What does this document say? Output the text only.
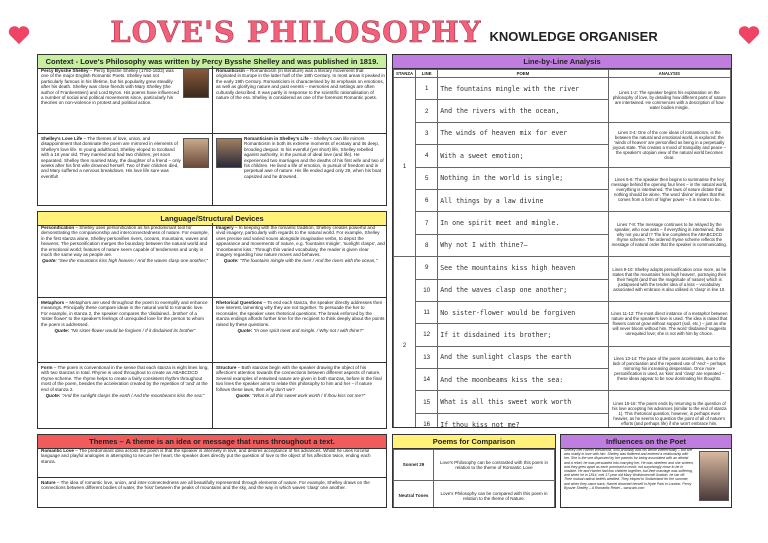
LOVE'S PHILOSOPHY KNOWLEDGE ORGANISER
Context - Love's Philosophy was written by Percy Bysshe Shelley and was published in 1819.
Percy Bysshe Shelley – Percy Bysshe Shelley (1792-1822) was one of the major English Romantic Poets. Shelley was not particularly famous in his lifetime, but his popularity grew steadily after his death. Shelley was close friends with Mary Shelley (the author of Frankenstein) and Lord Byron. His poems have influenced a number of social and political movements since, particularly his theories on non-violence in protest and political action.
Romanticism – Romanticism (in literature) was a literary movement that originated in Europe in the latter half of the 18th Century. In most areas it peaked in the early 19th Century. Romanticism is characterised by its emphasis on emotions, as well as glorifying nature and past events – memories and settings are often culturally described. It was partly in response to the scientific rationalisation of nature of the era. Shelley is considered as one of the foremost Romantic poets.
Shelley's Love Life – The themes of love, union, and disappointment that dominate the poem are mirrored in elements of Shelley's love life. In young adulthood, Shelley eloped to Scotland with a 16 year old. They married and had two children, yet soon separated. Shelley then married Mary, the daughter of a friend – only weeks after his first wife drowned herself. Two of their children died, and Mary suffered a nervous breakdown. His love life sure was eventful!
Romanticism in Shelley's Life – Shelley's own life mirrors Romanticism in both its extreme moments of ecstasy and its deep, brooding despair. In his eventful (yet short) life, Shelley rebelled against authority, in the pursuit of ideal love (and life). He experienced two marriages and the deaths of his first wife and two of his children. He lived a life of emotion, in pursuit of freedom and in perpetual awe of nature. His life ended aged only 29, when his boat capsized and he drowned.
Language/Structural Devices
Personification – Shelley uses personification as his predominant tool for demonstrating the companionship and interconnectedness of nature. For example, in the first stanza alone, Shelley personifies rivers, oceans, mountains, waves and heavens. The personification merges the boundary between the natural world and the emotional world; features of nature seem capable of tenderness and unity in much the same way as people are.
Quote: "See the mountains kiss high heaven / And the waves clasp one another;"
Imagery – In keeping with the romantic tradition, Shelley creates powerful and vivid imagery, particularly with regards to the natural world. For example, Shelley uses precise and varied nouns alongside imaginative verbs, to depict the appearance and movements of nature, e.g. 'fountains mingle', 'sunlight clasps', and 'moonbeams kiss.' Through this varied vocabulary, the reader is given clear imagery regarding how nature moves and behaves.
Quote: "The fountains mingle with the river / And the rivers with the ocean,"
Metaphors – Metaphors are used throughout the poem to exemplify and enhance meanings. Principally these compare ideas in the natural world to romantic love. For example, in stanza 2, the speaker compares the 'disdained...brother' of a 'sister flower' to the speaker's feelings of unrequited love for the person to whom the poem is addressed.
Quote: "No sister-flower would be forgiven / If it disdained its brother"
Rhetorical Questions – To end each stanza, the speaker directly addresses their love interest, lamenting why they are not together. To persuade the her to reconsider, the speaker uses rhetorical questions. The break enforced by the stanza endings affords further time for the recipient to think deeply about the points raised by these questions.
Quote: "In one spirit meet and mingle. / Why not I with thine?"
Form – The poem is conventional in the sense that each stanza is eight lines long, with two stanzas in total. Rhyme is used throughout to create an ABABCDCD rhyme scheme. The rhyme helps to create a fairly consistent rhythm throughout most of the poem, besides the acceleration created by the repetition of 'and' at the end of stanza 2.
Quote: "And the sunlight clasps the earth / And the moonbeams kiss the sea:"
Structure – Both stanzas begin with the speaker drawing the object of his affection's attention towards the connections between different aspects of nature. Several examples of entwined nature are given in both stanzas, before in the final two lines the speaker aims to relate this philosophy to him and her – if nature follows these laws, then why don't we?
Quote: "What is all this sweet work worth / If thou kiss not me?"
Themes – A theme is an idea or message that runs throughout a text.
Romantic Love – The predominant idea across the poem is that the speaker is intensely in love, and desires acceptance of his advances. Whilst he uses forceful language and playful analogies in attempting to secure her heart, the speaker does directly put the question of love to the object of his affection twice, ending each stanza.
Nature – The idea of romantic love, union, and inter-connectedness are all beautifully represented through elements of nature. For example, Shelley draws on the connections between different bodies of water, the 'kiss' between the peaks of mountains and the sky, and the way in which waves 'clasp' one another.
Line-by-Line Analysis
STANZA	LINE	POEM	ANALYSIS
1	1	The fountains mingle with the river	Lines 1-2: The speaker begins his explanation on the philosophy of love, by detailing how different parts of nature are intertwined. He commences with a description of how water bodies mingle.
	2	And the rivers with the ocean,	
	3	The winds of heaven mix for ever	Lines 3-4: One of the core ideas of romanticism, is the between the natural and emotional world, is explored; the 'winds of heaven' are personified as being in a perpetually joyous state. This creates a mood of tranquility and peace – the speaker's utopian view of the natural world becomes clear.
	4	With a sweet emotion;	
	5	Nothing in the world is single;	Lines 5-6: The speaker then begins to summarise the key message behind the opening four lines – in the natural world, everything is intertwined. The laws of nature dictate that nothing should be alone. The word 'divine' implies that this comes from a form of higher power – it is meant to be.
	6	All things by a law divine	
	7	In one spirit meet and mingle.	Lines 7-8: The message continues to be relayed by the speaker, who now asks – if everything in intertwined, than why not you and I? The line completes the ABABCDCD rhyme scheme. The ordered rhyme scheme reflects the message of natural order that the speaker is communicating.
	8	Why not I with thine?—	
2	9	See the mountains kiss high heaven	Lines 9-10: Shelley adopts personification once more, as he states that the mountains 'kiss high heaven', portraying their their height (and thus the magnitude of nature) which is juxtaposed with the tender idea of a kiss – vocabulary associated with embrace is also utilised in 'clasp' in line 10.
	10	And the waves clasp one another;	
	11	No sister-flower would be forgiven	Lines 11-12: The most direct instance of a metaphor between nature and the speaker's love is used. The idea is raised that flowers cannot grow without support (soil, etc.) – just as she will never bloom without him. The word 'disdained' suggests unrequited love; she is not with him by choice.
	12	If it disdained its brother;	
	13	And the sunlight clasps the earth	Lines 13-14: The pace of the poem accelerates, due to the lack of punctuation and the repeated use of 'And' – perhaps mirroring his increasing desperation. Once more personification is used, as 'kiss' and 'clasp' are repeated – these ideas appear to be now dominating his thoughts.
	14	And the moonbeams kiss the sea:	
	15	What is all this sweet work worth	Lines 15-16: The poem ends by returning to the question of his love accepting his advances (similar to the end of stanza 1). This rhetorical question, however, is perhaps even heavier, as he seems to question the point of all of nature's efforts (and perhaps life) if she won't embrace him.
	16	If thou kiss not me?	
Poems for Comparison
Sonnet 29	Love's Philosophy can be contrasted with this poem in relation to the theme of Romantic Love
Neutral Tones	Love's Philosophy can be compared with this poem in relation to the theme of Nature.
Influences on the Poet
Shelley met Harriet Westbrook, who probably was his whole intellectually – but she was madly in love with him. Shelley was flattered and entered a relationship with her. She is the one disproved by her parents for being associated with an atheist and a rebel; he was persuaded into marrying her. He was nineteen and she sixteen, and they grew apart as each promised a revolt; not surprisingly close to be in mistake. He and Harriet had two children together, but their marriage was suffering, and when he in 1814, met 17-year old Mary Wollstonecraft Godwin, he ran off. Their mutual radical beliefs wedded. They eloped to Switzerland for the summer, and when they came back, Harriet drowned herself in Hyde Park in London. Percy Bysshe Shelley – A Romantic Rebel – www.ark.com
